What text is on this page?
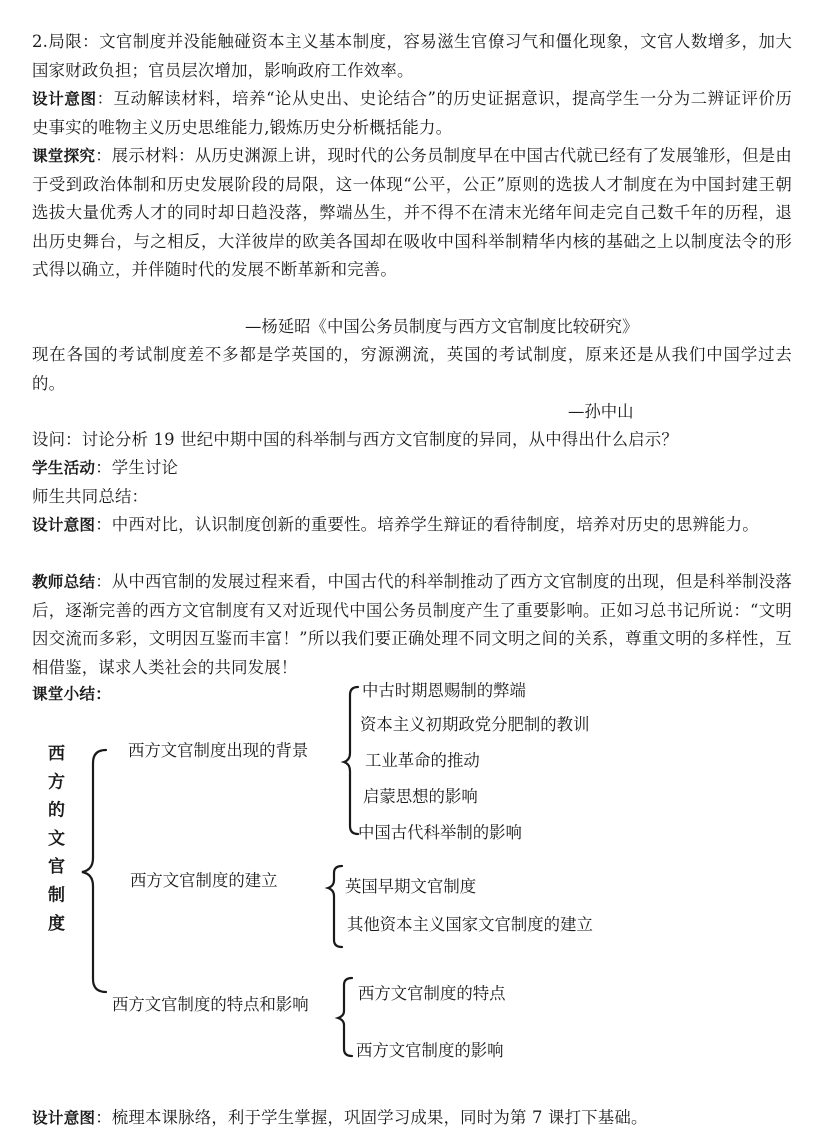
2.局限：文官制度并没能触碰资本主义基本制度，容易滋生官僚习气和僵化现象，文官人数增多，加大国家财政负担；官员层次增加，影响政府工作效率。
设计意图：互动解读材料，培养“论从史出、史论结合”的历史证据意识，提高学生一分为二辨证评价历史事实的唯物主义历史思维能力,锻炼历史分析概括能力。
课堂探究：展示材料：从历史渊源上讲，现时代的公务员制度早在中国古代就已经有了发展雏形，但是由于受到政治体制和历史发展阶段的局限，这一体现“公平，公正”原则的选拔人才制度在为中国封建王朝选拔大量优秀人才的同时却日趋没落，弊端丛生，并不得不在清末光绪年间走完自己数千年的历程，退出历史舞台，与之相反，大洋彼岸的欧美各国却在吸收中国科举制精华内核的基础之上以制度法令的形式得以确立，并伴随时代的发展不断革新和完善。
—杨延昭《中国公务员制度与西方文官制度比较研究》
现在各国的考试制度差不多都是学英国的，穷源溯流，英国的考试制度，原来还是从我们中国学过去的。
—孙中山
设问：讨论分析 19 世纪中期中国的科举制与西方文官制度的异同，从中得出什么启示？
学生活动：学生讨论
师生共同总结：
设计意图：中西对比，认识制度创新的重要性。培养学生辩证的看待制度，培养对历史的思辨能力。
教师总结：从中西官制的发展过程来看，中国古代的科举制推动了西方文官制度的出现，但是科举制没落后，逐渐完善的西方文官制度有又对近现代中国公务员制度产生了重要影响。正如习总书记所说：“文明因交流而多彩，文明因互鉴而丰富！”所以我们要正确处理不同文明之间的关系，尊重文明的多样性，互相借鉴，谋求人类社会的共同发展！
课堂小结：
西方的文官制度	西方文官制度出现的背景
西方文官制度的建立
西方文官制度的特点和影响
中古时期恩赐制的弊端
资本主义初期政党分肥制的教训
工业革命的推动
启蒙思想的影响
中国古代科举制的影响
英国早期文官制度
其他资本主义国家文官制度的建立
西方文官制度的特点
西方文官制度的影响
设计意图：梳理本课脉络，利于学生掌握，巩固学习成果，同时为第 7 课打下基础。
